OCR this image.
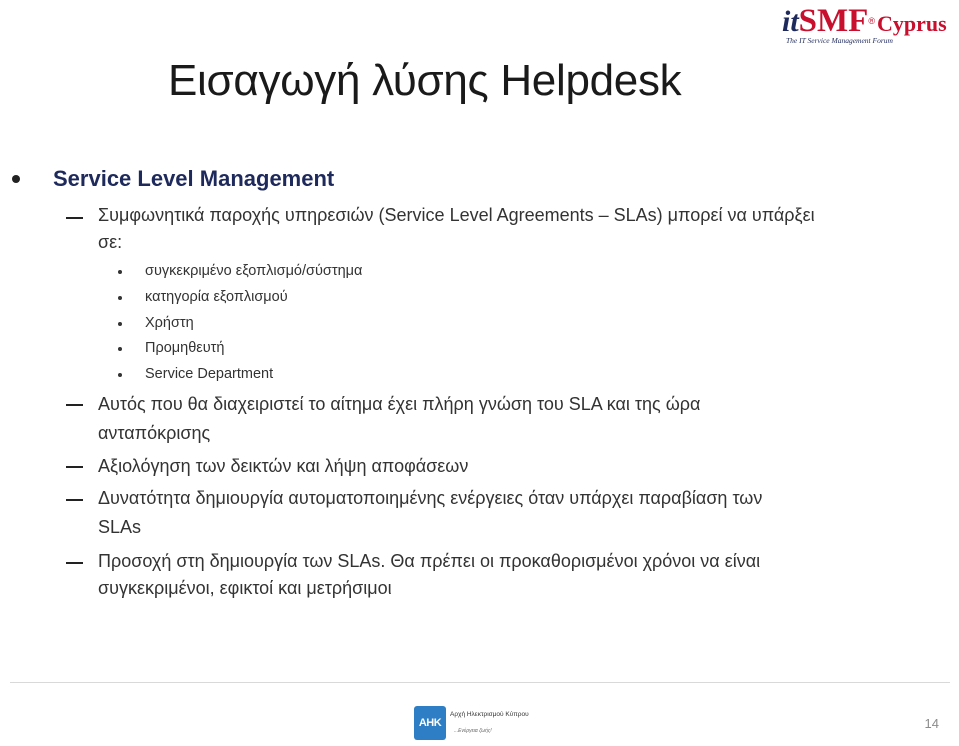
itSMF®Cyprus
The IT Service Management Forum
Εισαγωγή λύσης Helpdesk
Service Level Management
Συμφωνητικά παροχής υπηρεσιών (Service Level Agreements – SLAs) μπορεί να υπάρξει
σε:
συγκεκριμένο εξοπλισμό/σύστημα
κατηγορία εξοπλισμού
Χρήστη
Προμηθευτή
Service Department
Αυτός που θα διαχειριστεί το αίτημα έχει πλήρη γνώση του SLA και της ώρα
ανταπόκρισης
Αξιολόγηση των δεικτών και λήψη αποφάσεων
Δυνατότητα δημιουργία αυτοματοποιημένης ενέργειες όταν υπάρχει παραβίαση των
SLAs
Προσοχή στη δημιουργία των SLAs. Θα πρέπει οι προκαθορισμένοι χρόνοι να είναι
συγκεκριμένοι, εφικτοί και μετρήσιμοι
ΑΗΚ
Αρχή Ηλεκτρισμού Κύπρου
...Ενέργεια ζωής!	14
